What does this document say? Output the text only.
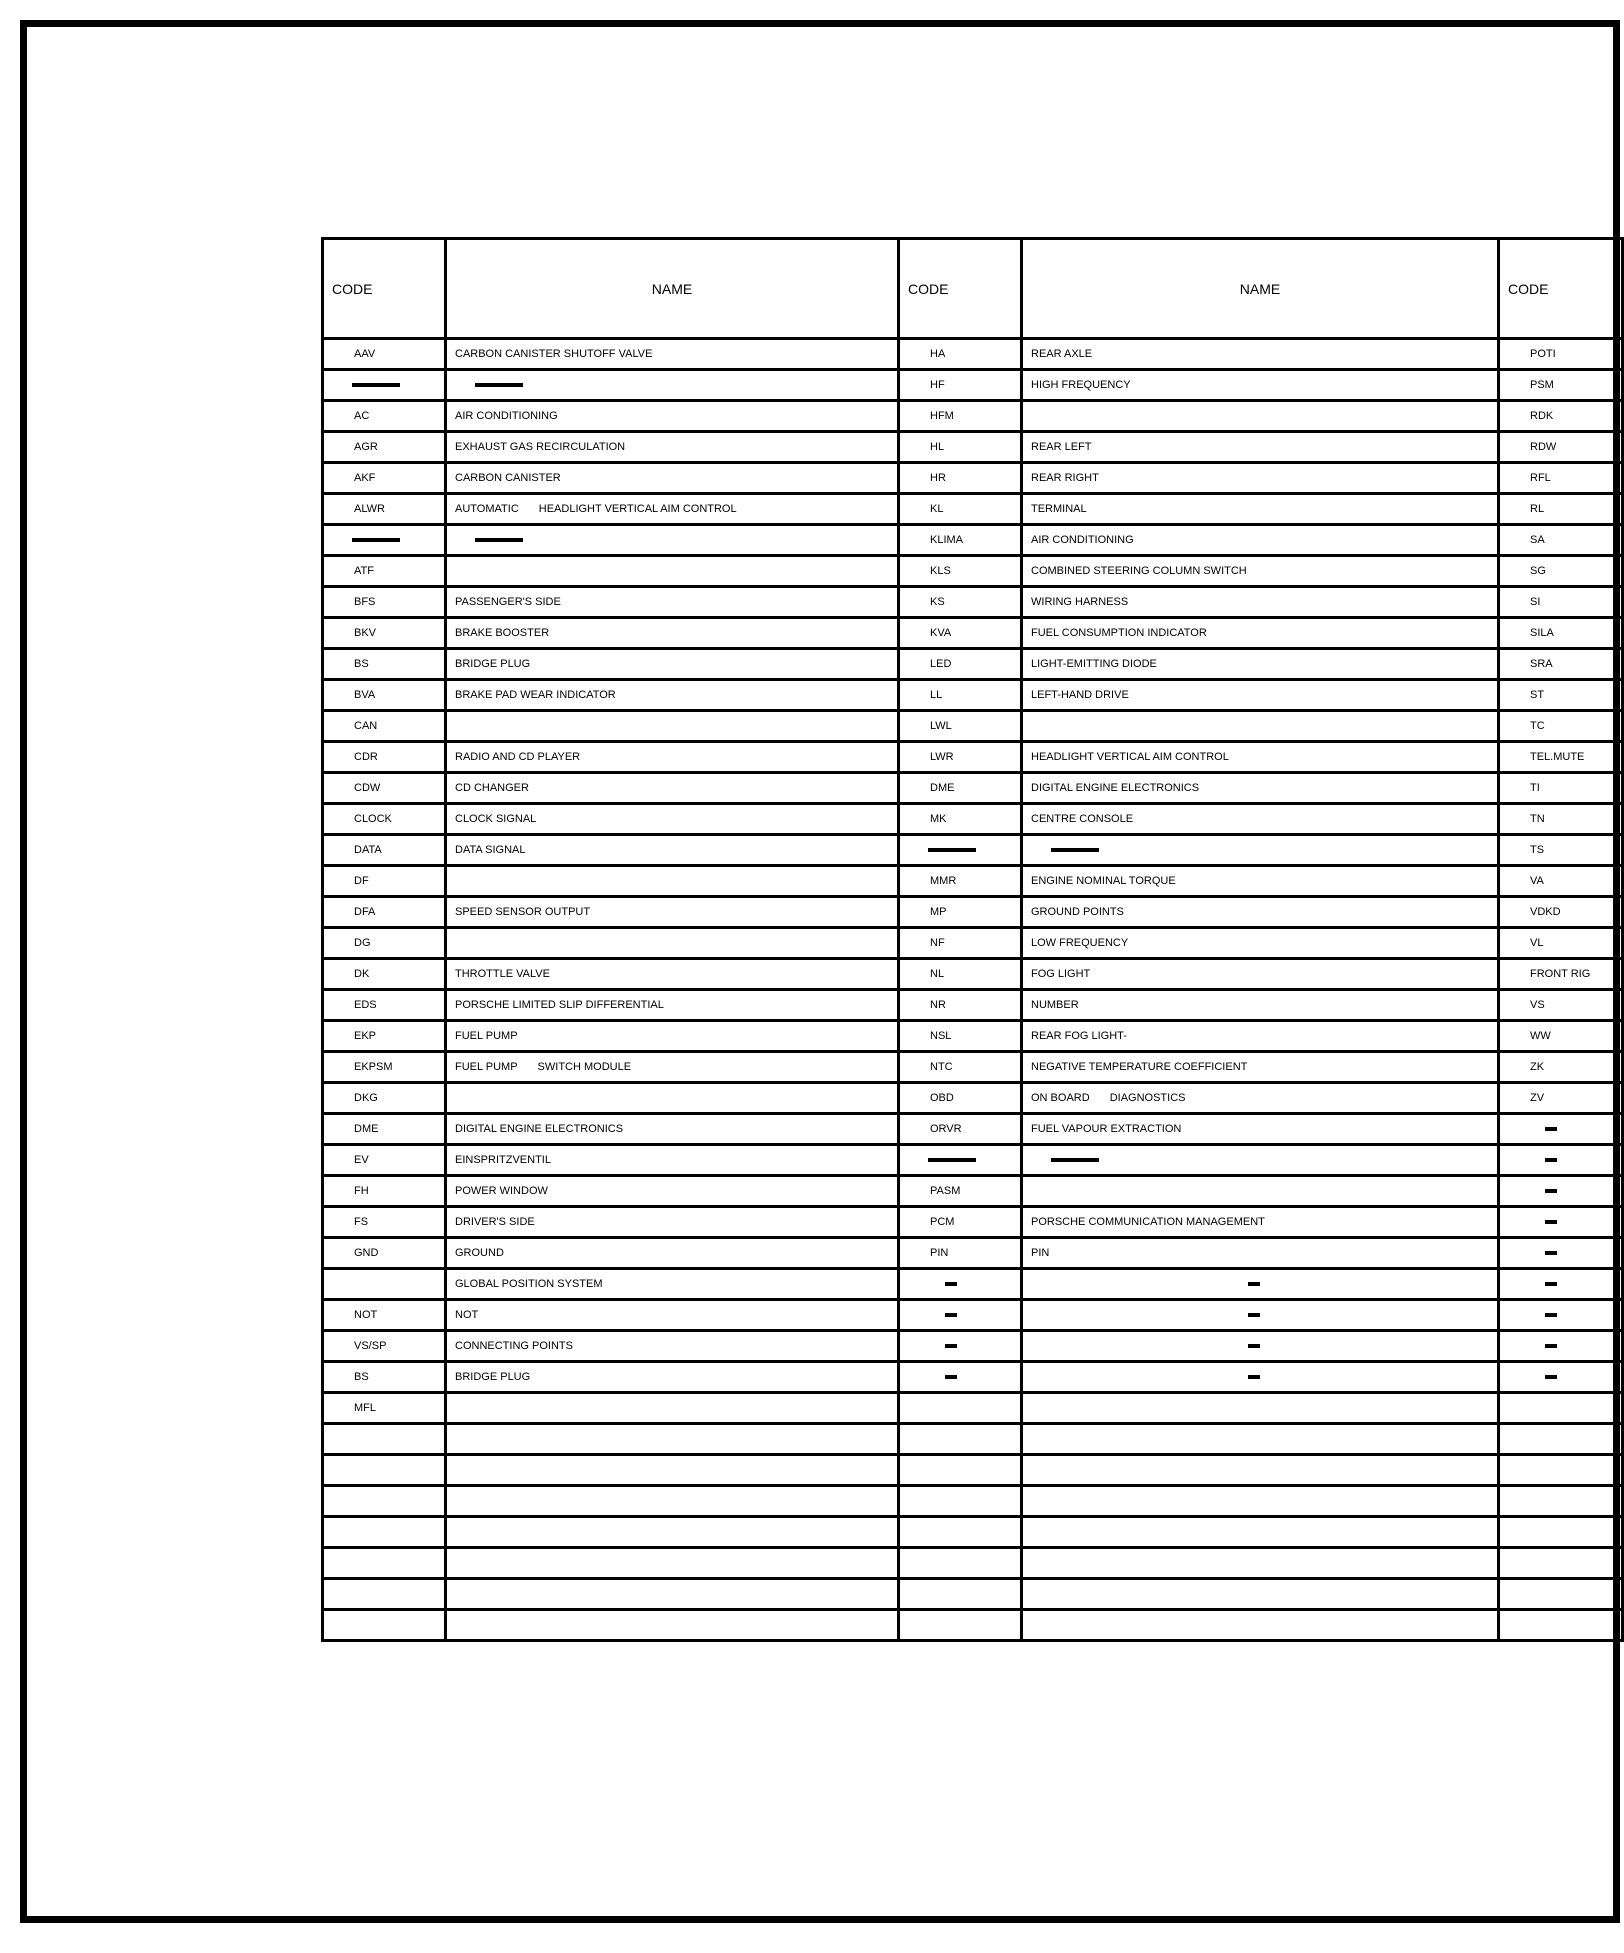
CODE	NAME	CODE	NAME	CODE
AAV	CARBON CANISTER SHUTOFF VALVE	HA	REAR AXLE	POTI
		HF	HIGH FREQUENCY	PSM
AC	AIR CONDITIONING	HFM		RDK
AGR	EXHAUST GAS RECIRCULATION	HL	REAR LEFT	RDW
AKF	CARBON CANISTER	HR	REAR RIGHT	RFL
ALWR	AUTOMATIC HEADLIGHT VERTICAL AIM CONTROL	KL	TERMINAL	RL
		KLIMA	AIR CONDITIONING	SA
ATF		KLS	COMBINED STEERING COLUMN SWITCH	SG
BFS	PASSENGER'S SIDE	KS	WIRING HARNESS	SI
BKV	BRAKE BOOSTER	KVA	FUEL CONSUMPTION INDICATOR	SILA
BS	BRIDGE PLUG	LED	LIGHT-EMITTING DIODE	SRA
BVA	BRAKE PAD WEAR INDICATOR	LL	LEFT-HAND DRIVE	ST
CAN		LWL		TC
CDR	RADIO AND CD PLAYER	LWR	HEADLIGHT VERTICAL AIM CONTROL	TEL.MUTE
CDW	CD CHANGER	DME	DIGITAL ENGINE ELECTRONICS	TI
CLOCK	CLOCK SIGNAL	MK	CENTRE CONSOLE	TN
DATA	DATA SIGNAL			TS
DF		MMR	ENGINE NOMINAL TORQUE	VA
DFA	SPEED SENSOR OUTPUT	MP	GROUND POINTS	VDKD
DG		NF	LOW FREQUENCY	VL
DK	THROTTLE VALVE	NL	FOG LIGHT	FRONT RIG
EDS	PORSCHE LIMITED SLIP DIFFERENTIAL	NR	NUMBER	VS
EKP	FUEL PUMP	NSL	REAR FOG LIGHT-	WW
EKPSM	FUEL PUMP SWITCH MODULE	NTC	NEGATIVE TEMPERATURE COEFFICIENT	ZK
DKG		OBD	ON BOARD DIAGNOSTICS	ZV
DME	DIGITAL ENGINE ELECTRONICS	ORVR	FUEL VAPOUR EXTRACTION	
EV	EINSPRITZVENTIL			
FH	POWER WINDOW	PASM		
FS	DRIVER'S SIDE	PCM	PORSCHE COMMUNICATION MANAGEMENT	
GND	GROUND	PIN	PIN	
	GLOBAL POSITION SYSTEM			
NOT	NOT			
VS/SP	CONNECTING POINTS			
BS	BRIDGE PLUG			
MFL				
